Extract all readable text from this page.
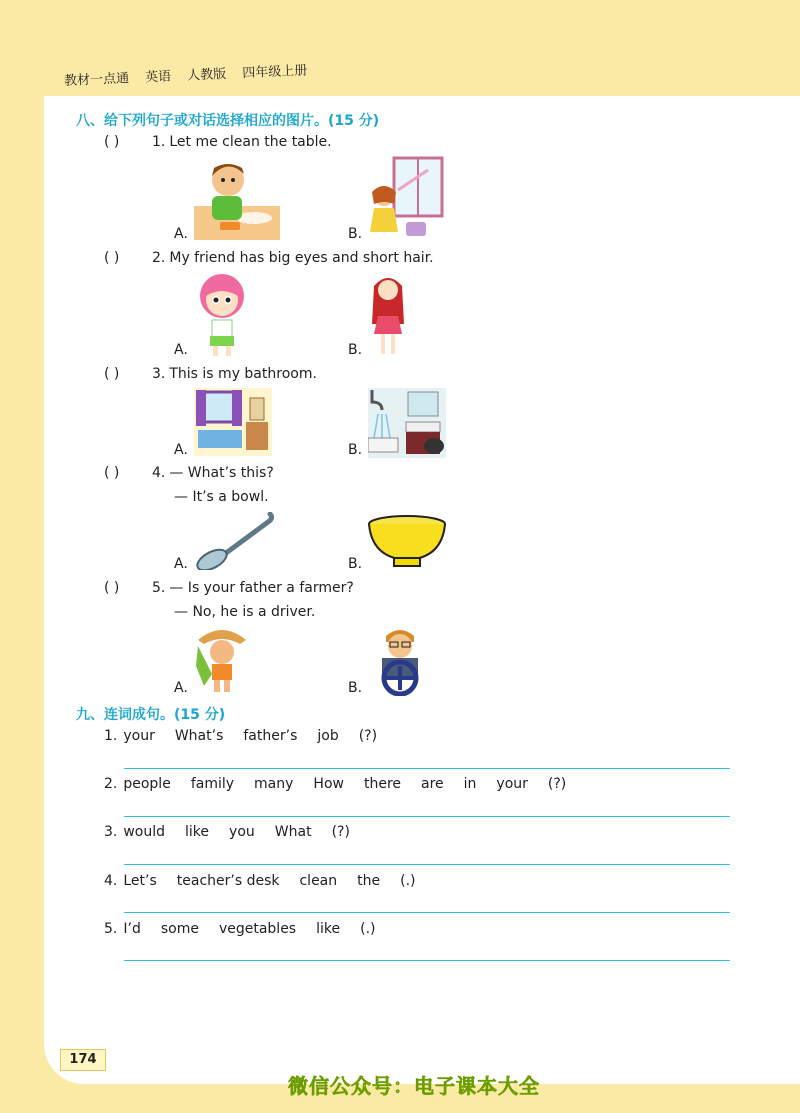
教材一点通 英语 人教版 四年级上册
八、给下列句子或对话选择相应的图片。(15 分)
( ) 1. Let me clean the table.
A.	B.
( ) 2. My friend has big eyes and short hair.
A.	B.
( ) 3. This is my bathroom.
A.	B.
( ) 4. — What’s this?
— It’s a bowl.
A.	B.
( ) 5. — Is your father a farmer?
— No, he is a driver.
A.	B.
九、连词成句。(15 分)
1. your What’s father’s job (?)
2. people family many How there are in your (?)
3. would like you What (?)
4. Let’s teacher’s desk clean the (.)
5. I’d some vegetables like (.)
174
微信公众号：电子课本大全
